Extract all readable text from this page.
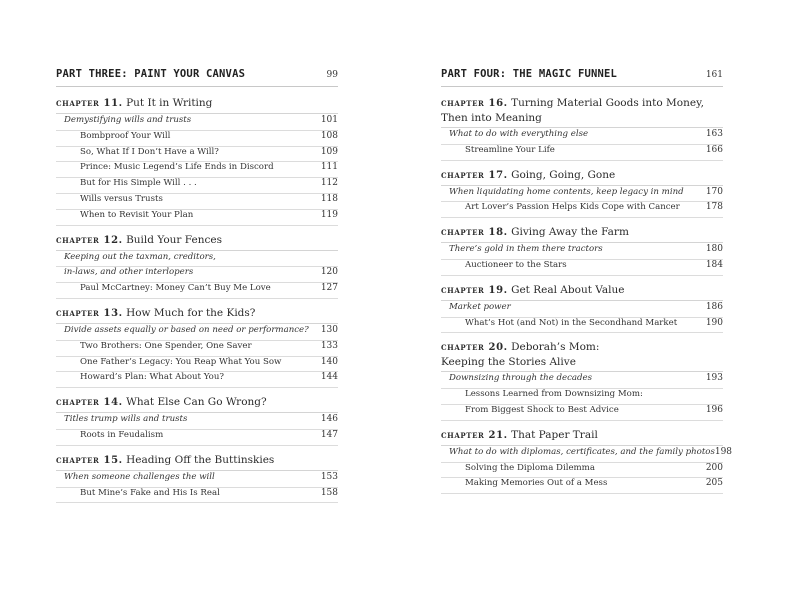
PART THREE: PAINT YOUR CANVAS	99
chapter 11. Put It in Writing
Demystifying wills and trusts	101
Bombproof Your Will	108
So, What If I Don’t Have a Will?	109
Prince: Music Legend’s Life Ends in Discord	111
But for His Simple Will . . .	112
Wills versus Trusts	118
When to Revisit Your Plan	119
chapter 12. Build Your Fences
Keeping out the taxman, creditors,
in-laws, and other interlopers	120
Paul McCartney: Money Can’t Buy Me Love	127
chapter 13. How Much for the Kids?
Divide assets equally or based on need or performance? 130
Two Brothers: One Spender, One Saver	133
One Father’s Legacy: You Reap What You Sow	140
Howard’s Plan: What About You?	144
chapter 14. What Else Can Go Wrong?
Titles trump wills and trusts	146
Roots in Feudalism	147
chapter 15. Heading Off the Buttinskies
When someone challenges the will	153
But Mine’s Fake and His Is Real	158
PART FOUR: THE MAGIC FUNNEL	161
chapter 16. Turning Material Goods into Money,
Then into Meaning
What to do with everything else	163
Streamline Your Life	166
chapter 17. Going, Going, Gone
When liquidating home contents, keep legacy in mind 170
Art Lover’s Passion Helps Kids Cope with Cancer	178
chapter 18. Giving Away the Farm
There’s gold in them there tractors	180
Auctioneer to the Stars	184
chapter 19. Get Real About Value
Market power	186
What’s Hot (and Not) in the Secondhand Market	190
chapter 20. Deborah’s Mom:
Keeping the Stories Alive
Downsizing through the decades	193
Lessons Learned from Downsizing Mom:
From Biggest Shock to Best Advice	196
chapter 21. That Paper Trail
What to do with diplomas, certificates, and the family photos 198
Solving the Diploma Dilemma	200
Making Memories Out of a Mess	205
